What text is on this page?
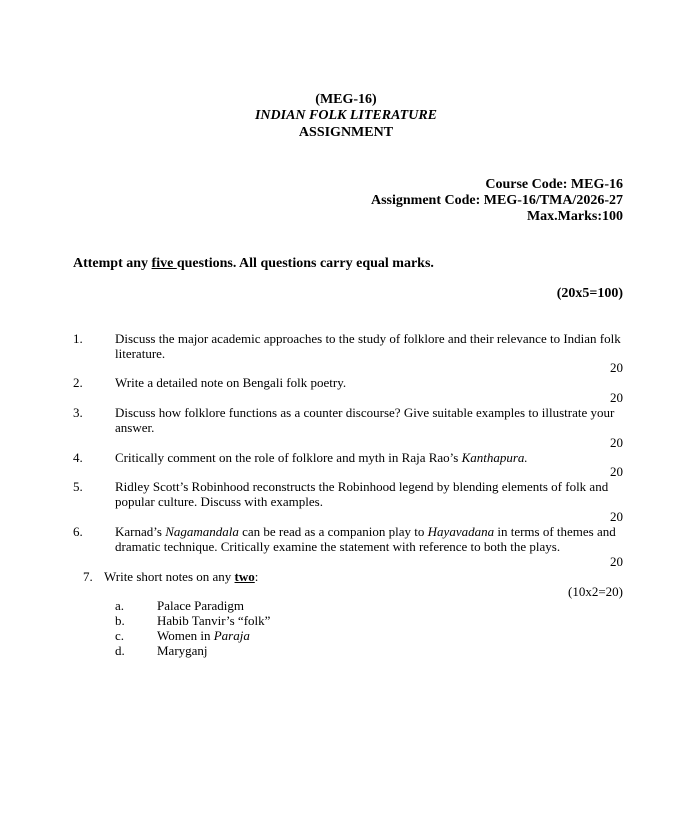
(MEG-16)
INDIAN FOLK LITERATURE
ASSIGNMENT
Course Code: MEG-16
Assignment Code: MEG-16/TMA/2026-27
Max.Marks:100
Attempt any five questions. All questions carry equal marks.
(20x5=100)
1. Discuss the major academic approaches to the study of folklore and their relevance to Indian folk literature.
20
2. Write a detailed note on Bengali folk poetry.
20
3. Discuss how folklore functions as a counter discourse? Give suitable examples to illustrate your answer.
20
4. Critically comment on the role of folklore and myth in Raja Rao’s Kanthapura.
20
5. Ridley Scott’s Robinhood reconstructs the Robinhood legend by blending elements of folk and popular culture. Discuss with examples.
20
6. Karnad’s Nagamandala can be read as a companion play to Hayavadana in terms of themes and dramatic technique. Critically examine the statement with reference to both the plays.
20
7. Write short notes on any two:
(10x2=20)
a.	Palace Paradigm
b. Habib Tanvir’s “folk”
c.	Women in Paraja
d. Maryganj
